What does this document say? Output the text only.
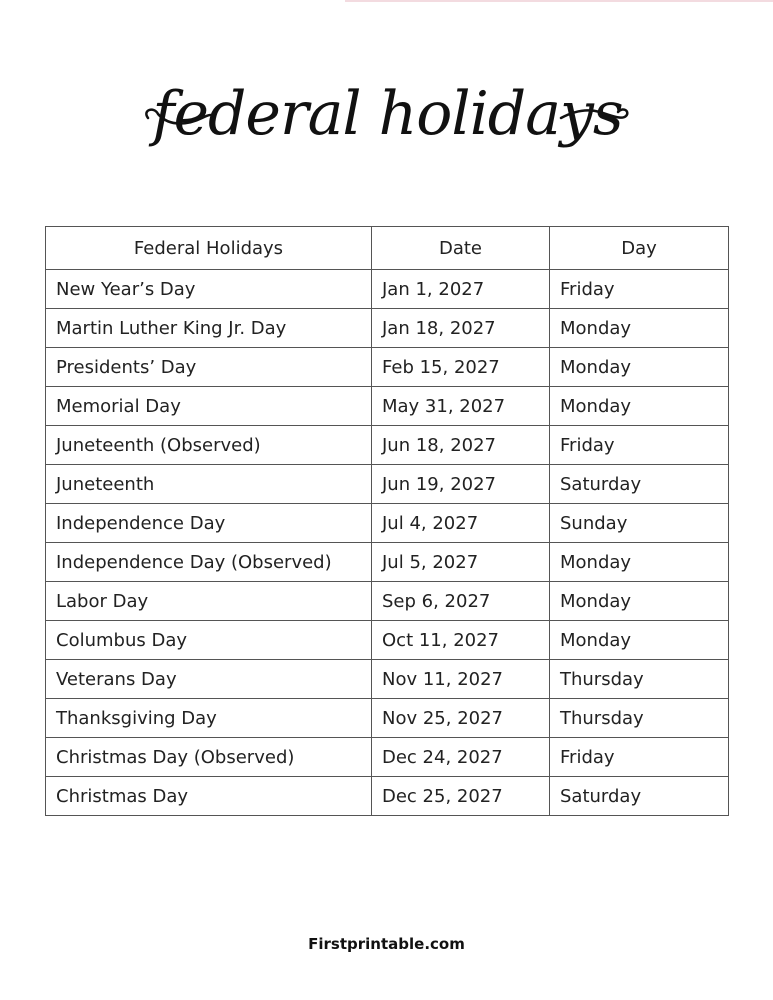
federal holidays
Federal Holidays	Date	Day
New Year’s Day	Jan 1, 2027	Friday
Martin Luther King Jr. Day	Jan 18, 2027	Monday
Presidents’ Day	Feb 15, 2027	Monday
Memorial Day	May 31, 2027	Monday
Juneteenth (Observed)	Jun 18, 2027	Friday
Juneteenth	Jun 19, 2027	Saturday
Independence Day	Jul 4, 2027	Sunday
Independence Day (Observed)	Jul 5, 2027	Monday
Labor Day	Sep 6, 2027	Monday
Columbus Day	Oct 11, 2027	Monday
Veterans Day	Nov 11, 2027	Thursday
Thanksgiving Day	Nov 25, 2027	Thursday
Christmas Day (Observed)	Dec 24, 2027	Friday
Christmas Day	Dec 25, 2027	Saturday
Firstprintable.com
